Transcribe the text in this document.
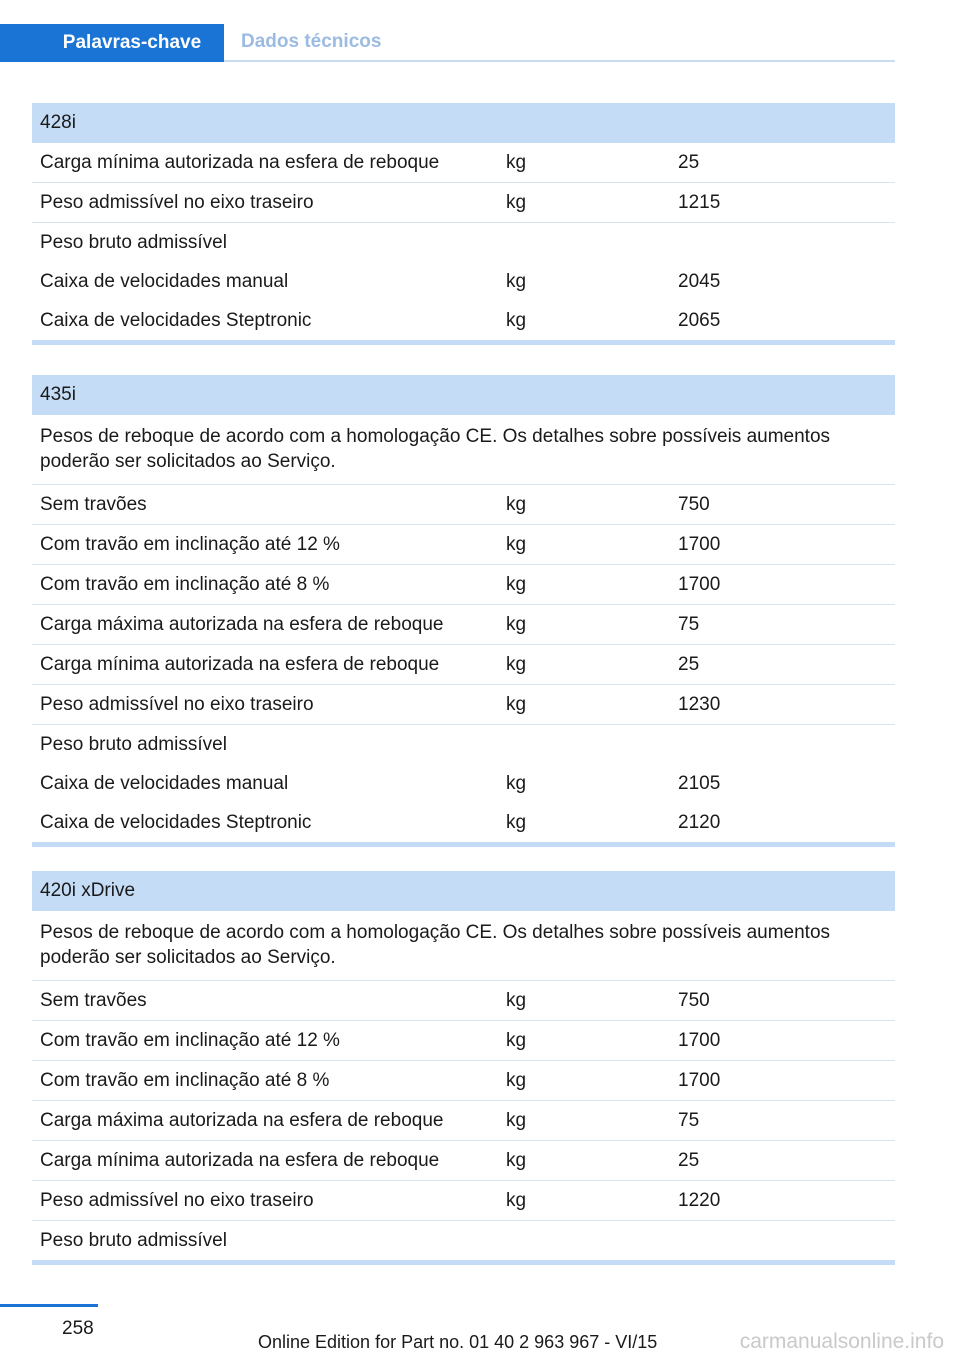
Palavras-chave	Dados técnicos
428i
Carga mínima autorizada na esfera de reboque	kg	25
Peso admissível no eixo traseiro	kg	1215
Peso bruto admissível
Caixa de velocidades manual	kg	2045
Caixa de velocidades Steptronic	kg	2065
435i
Pesos de reboque de acordo com a homologação CE. Os detalhes sobre possíveis aumentos poderão ser solicitados ao Serviço.
Sem travões	kg	750
Com travão em inclinação até 12 %	kg	1700
Com travão em inclinação até 8 %	kg	1700
Carga máxima autorizada na esfera de reboque	kg	75
Carga mínima autorizada na esfera de reboque	kg	25
Peso admissível no eixo traseiro	kg	1230
Peso bruto admissível
Caixa de velocidades manual	kg	2105
Caixa de velocidades Steptronic	kg	2120
420i xDrive
Pesos de reboque de acordo com a homologação CE. Os detalhes sobre possíveis aumentos poderão ser solicitados ao Serviço.
Sem travões	kg	750
Com travão em inclinação até 12 %	kg	1700
Com travão em inclinação até 8 %	kg	1700
Carga máxima autorizada na esfera de reboque	kg	75
Carga mínima autorizada na esfera de reboque	kg	25
Peso admissível no eixo traseiro	kg	1220
Peso bruto admissível
258
Online Edition for Part no. 01 40 2 963 967 - VI/15	carmanualsonline.info
